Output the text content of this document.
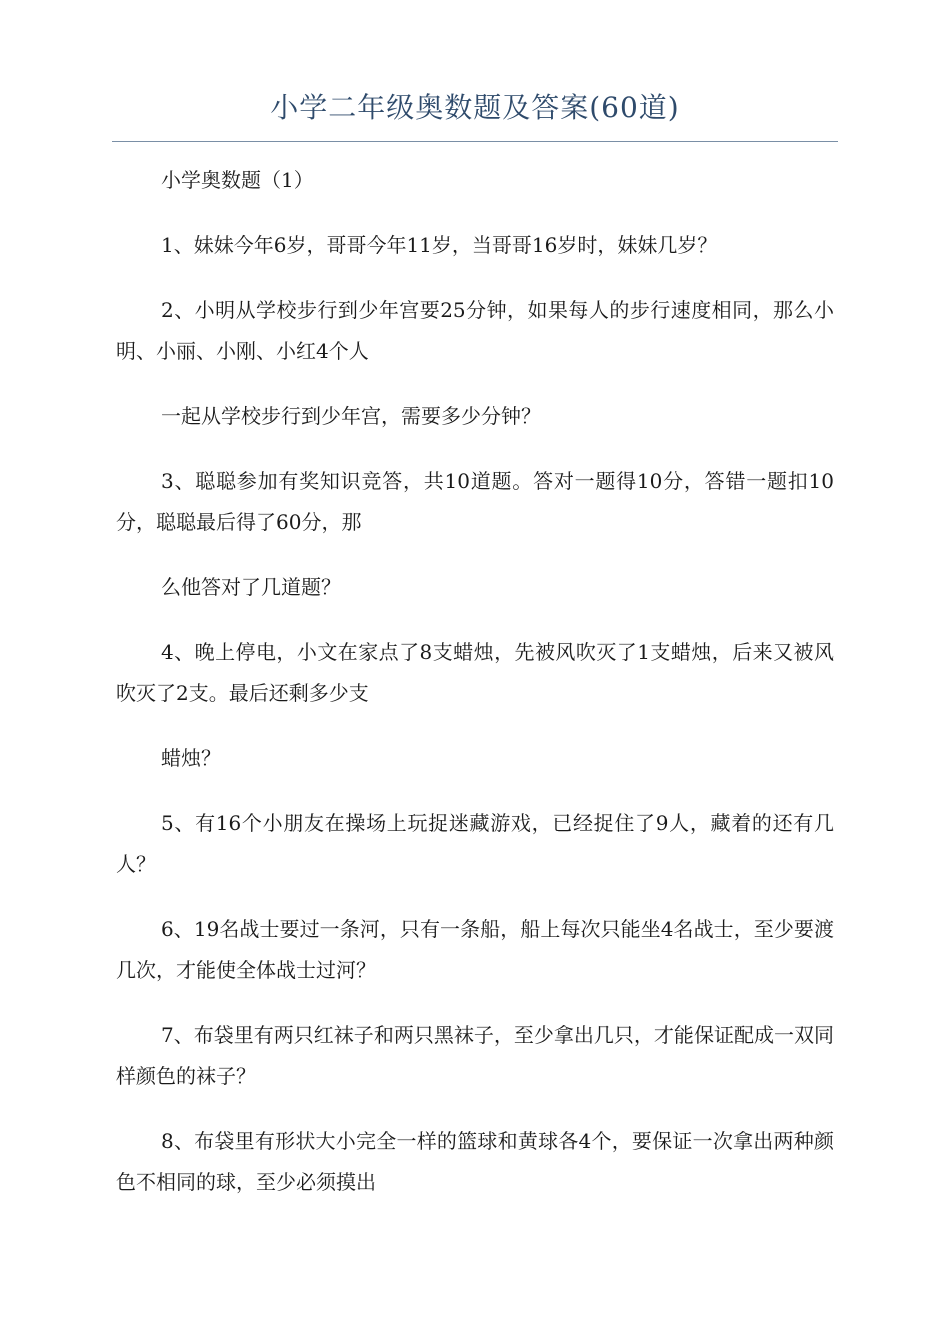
小学二年级奥数题及答案(60道)

小学奥数题（1）

1、妹妹今年6岁，哥哥今年11岁，当哥哥16岁时，妹妹几岁？

2、小明从学校步行到少年宫要25分钟，如果每人的步行速度相同，那么小明、小丽、小刚、小红4个人

一起从学校步行到少年宫，需要多少分钟？

3、聪聪参加有奖知识竞答，共10道题。答对一题得10分，答错一题扣10分，聪聪最后得了60分，那

么他答对了几道题？

4、晚上停电，小文在家点了8支蜡烛，先被风吹灭了1支蜡烛，后来又被风吹灭了2支。最后还剩多少支

蜡烛？

5、有16个小朋友在操场上玩捉迷藏游戏，已经捉住了9人，藏着的还有几人？

6、19名战士要过一条河，只有一条船，船上每次只能坐4名战士，至少要渡几次，才能使全体战士过河？

7、布袋里有两只红袜子和两只黑袜子，至少拿出几只，才能保证配成一双同样颜色的袜子？

8、布袋里有形状大小完全一样的篮球和黄球各4个，要保证一次拿出两种颜色不相同的球，至少必须摸出
